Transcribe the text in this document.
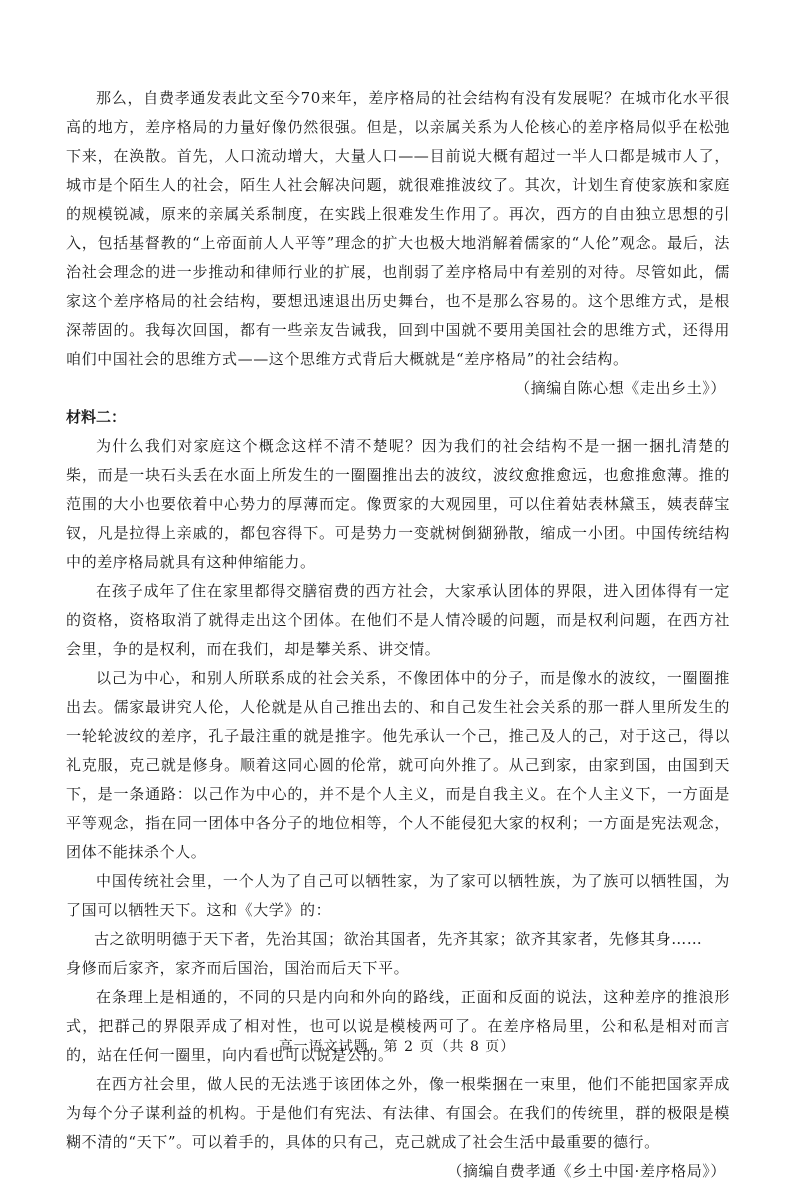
那么，自费孝通发表此文至今70来年，差序格局的社会结构有没有发展呢？在城市化水平很高的地方，差序格局的力量好像仍然很强。但是，以亲属关系为人伦核心的差序格局似乎在松弛下来，在涣散。首先，人口流动增大，大量人口——目前说大概有超过一半人口都是城市人了，城市是个陌生人的社会，陌生人社会解决问题，就很难推波纹了。其次，计划生育使家族和家庭的规模锐减，原来的亲属关系制度，在实践上很难发生作用了。再次，西方的自由独立思想的引入，包括基督教的“上帝面前人人平等”理念的扩大也极大地消解着儒家的“人伦”观念。最后，法治社会理念的进一步推动和律师行业的扩展，也削弱了差序格局中有差别的对待。尽管如此，儒家这个差序格局的社会结构，要想迅速退出历史舞台，也不是那么容易的。这个思维方式，是根深蒂固的。我每次回国，都有一些亲友告诫我，回到中国就不要用美国社会的思维方式，还得用咱们中国社会的思维方式——这个思维方式背后大概就是“差序格局”的社会结构。

（摘编自陈心想《走出乡土》）

材料二：

为什么我们对家庭这个概念这样不清不楚呢？因为我们的社会结构不是一捆一捆扎清楚的柴，而是一块石头丢在水面上所发生的一圈圈推出去的波纹，波纹愈推愈远，也愈推愈薄。推的范围的大小也要依着中心势力的厚薄而定。像贾家的大观园里，可以住着姑表林黛玉，姨表薛宝钗，凡是拉得上亲戚的，都包容得下。可是势力一变就树倒猢狲散，缩成一小团。中国传统结构中的差序格局就具有这种伸缩能力。

在孩子成年了住在家里都得交膳宿费的西方社会，大家承认团体的界限，进入团体得有一定的资格，资格取消了就得走出这个团体。在他们不是人情冷暖的问题，而是权利问题，在西方社会里，争的是权利，而在我们，却是攀关系、讲交情。

以己为中心，和别人所联系成的社会关系，不像团体中的分子，而是像水的波纹，一圈圈推出去。儒家最讲究人伦，人伦就是从自己推出去的、和自己发生社会关系的那一群人里所发生的一轮轮波纹的差序，孔子最注重的就是推字。他先承认一个己，推己及人的己，对于这己，得以礼克服，克己就是修身。顺着这同心圆的伦常，就可向外推了。从己到家，由家到国，由国到天下，是一条通路：以己作为中心的，并不是个人主义，而是自我主义。在个人主义下，一方面是平等观念，指在同一团体中各分子的地位相等，个人不能侵犯大家的权利；一方面是宪法观念，团体不能抹杀个人。

中国传统社会里，一个人为了自己可以牺牲家，为了家可以牺牲族，为了族可以牺牲国，为了国可以牺牲天下。这和《大学》的：

古之欲明明德于天下者，先治其国；欲治其国者，先齐其家；欲齐其家者，先修其身……

身修而后家齐，家齐而后国治，国治而后天下平。

在条理上是相通的，不同的只是内向和外向的路线，正面和反面的说法，这种差序的推浪形式，把群己的界限弄成了相对性，也可以说是模棱两可了。在差序格局里，公和私是相对而言的，站在任何一圈里，向内看也可以说是公的。

在西方社会里，做人民的无法逃于该团体之外，像一根柴捆在一束里，他们不能把国家弄成为每个分子谋利益的机构。于是他们有宪法、有法律、有国会。在我们的传统里，群的极限是模糊不清的“天下”。可以着手的，具体的只有己，克己就成了社会生活中最重要的德行。

（摘编自费孝通《乡土中国·差序格局》）

高一语文试题　第 2 页（共 8 页）
